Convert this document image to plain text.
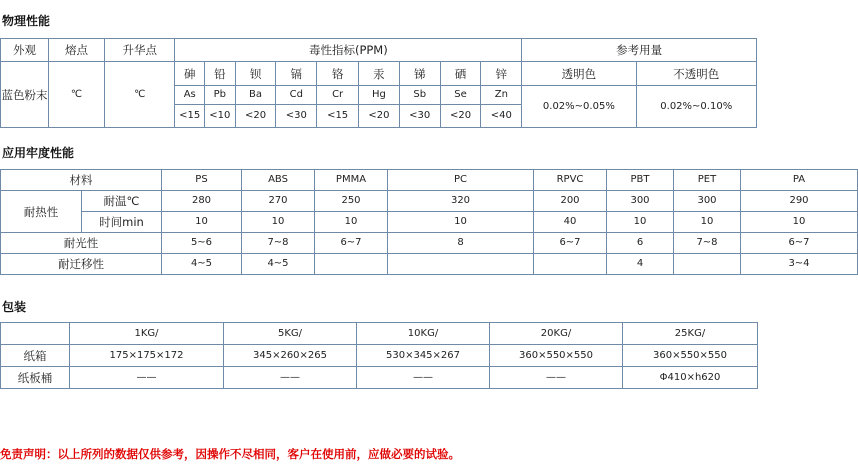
物理性能
外观	熔点	升华点	毒性指标(PPM)									参考用量	
蓝色粉末	℃	℃	砷	铅	钡	镉	铬	汞	锑	硒	锌	透明色	不透明色
			As	Pb	Ba	Cd	Cr	Hg	Sb	Se	Zn	0.02%~0.05%	0.02%~0.10%
			<15	<10	<20	<30	<15	<20	<30	<20	<40		
应用牢度性能
材料		PS	ABS	PMMA	PC	RPVC	PBT	PET	PA
耐热性	耐温℃	280	270	250	320	200	300	300	290
	时间min	10	10	10	10	40	10	10	10
耐光性		5~6	7~8	6~7	8	6~7	6	7~8	6~7
耐迁移性		4~5	4~5				4		3~4
包装
	1KG/	5KG/	10KG/	20KG/	25KG/
纸箱	175×175×172	345×260×265	530×345×267	360×550×550	360×550×550
纸板桶	——	——	——	——	Φ410×h620
免责声明：以上所列的数据仅供参考，因操作不尽相同，客户在使用前，应做必要的试验。
